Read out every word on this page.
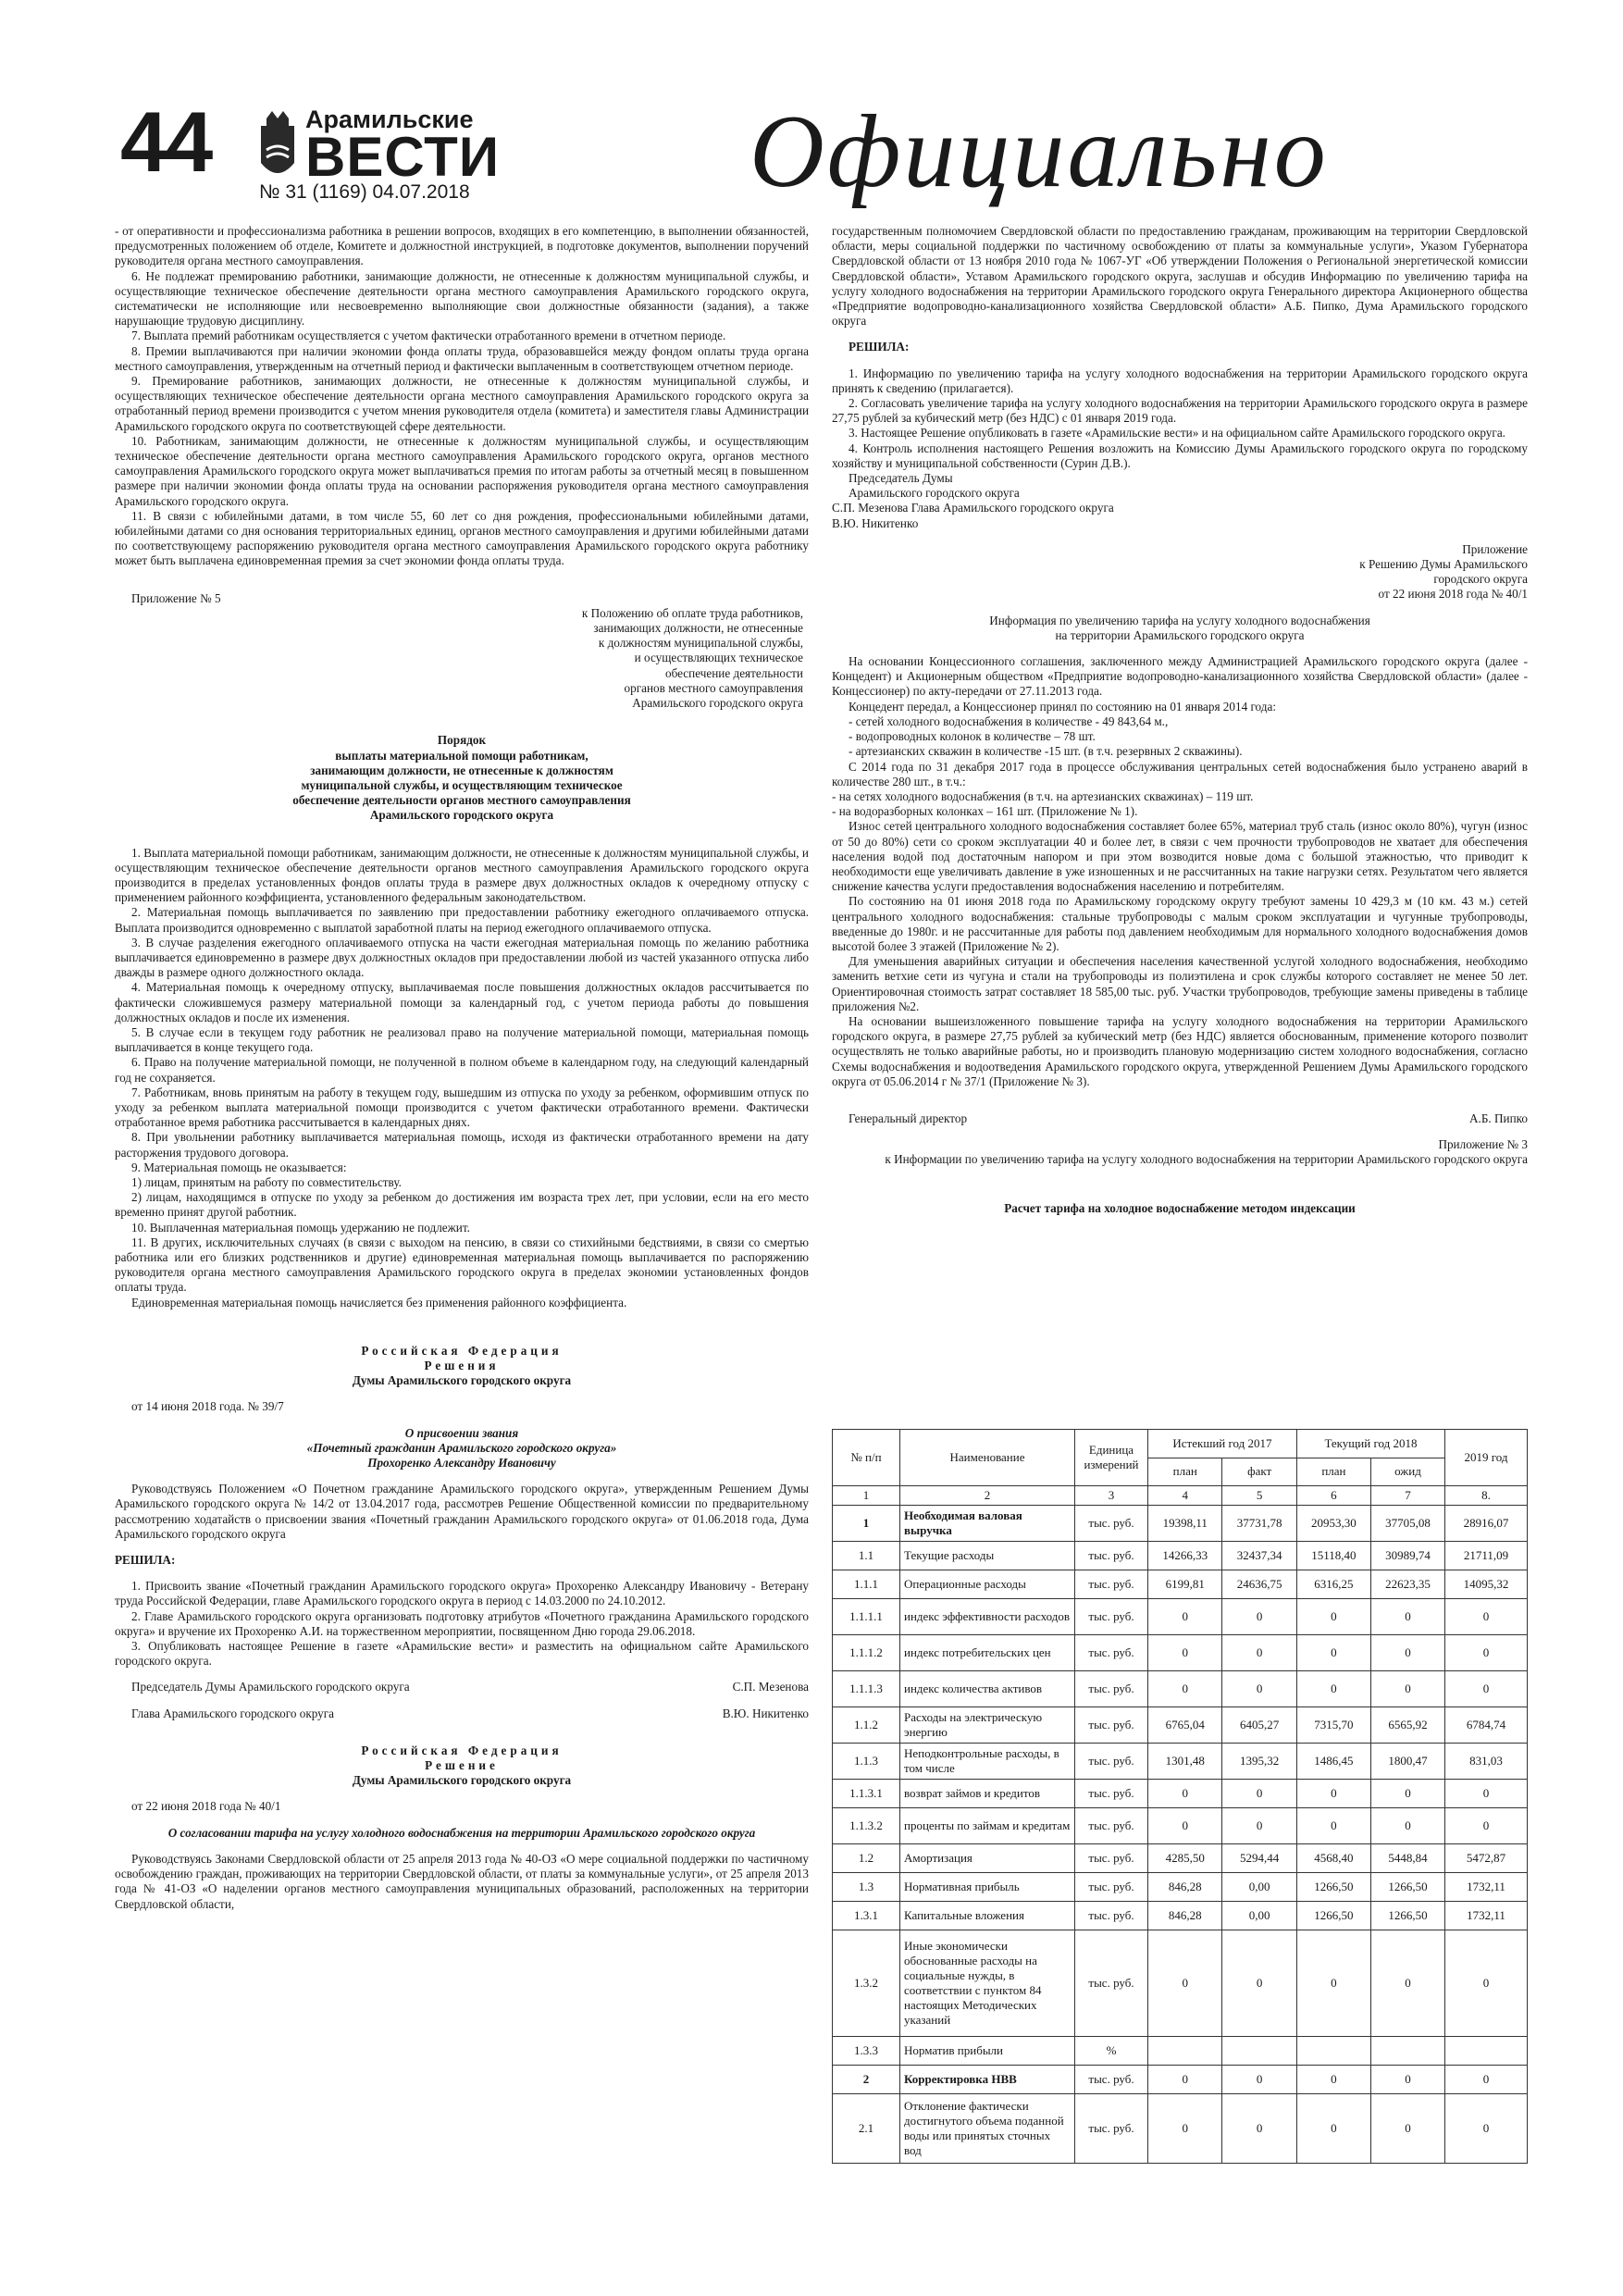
44	Арамильские
ВЕСТИ
№ 31 (1169) 04.07.2018	Официально

- от оперативности и профессионализма работника в решении вопросов, входящих в его компетенцию, в выполнении обязанностей, предусмотренных положением об отделе, Комитете и должностной инструкцией, в подготовке документов, выполнении поручений руководителя органа местного самоуправления.

6. Не подлежат премированию работники, занимающие должности, не отнесенные к должностям муниципальной службы, и осуществляющие техническое обеспечение деятельности органа местного самоуправления Арамильского городского округа, систематически не исполняющие или несвоевременно выполняющие свои должностные обязанности (задания), а также нарушающие трудовую дисциплину.

7. Выплата премий работникам осуществляется с учетом фактически отработанного времени в отчетном периоде.

8. Премии выплачиваются при наличии экономии фонда оплаты труда, образовавшейся между фондом оплаты труда органа местного самоуправления, утвержденным на отчетный период и фактически выплаченным в соответствующем отчетном периоде.

9. Премирование работников, занимающих должности, не отнесенные к должностям муниципальной службы, и осуществляющих техническое обеспечение деятельности органа местного самоуправления Арамильского городского округа за отработанный период времени производится с учетом мнения руководителя отдела (комитета) и заместителя главы Администрации Арамильского городского округа по соответствующей сфере деятельности.

10. Работникам, занимающим должности, не отнесенные к должностям муниципальной службы, и осуществляющим техническое обеспечение деятельности органа местного самоуправления Арамильского городского округа, органов местного самоуправления Арамильского городского округа может выплачиваться премия по итогам работы за отчетный месяц в повышенном размере при наличии экономии фонда оплаты труда на основании распоряжения руководителя органа местного самоуправления Арамильского городского округа.

11. В связи с юбилейными датами, в том числе 55, 60 лет со дня рождения, профессиональными юбилейными датами, юбилейными датами со дня основания территориальных единиц, органов местного самоуправления и другими юбилейными датами по соответствующему распоряжению руководителя органа местного самоуправления Арамильского городского округа работнику может быть выплачена единовременная премия за счет экономии фонда оплаты труда.

Приложение № 5

к Положению об оплате труда работников,

занимающих должности, не отнесенные

к должностям муниципальной службы,

и осуществляющих техническое

обеспечение деятельности

органов местного самоуправления

Арамильского городского округа

Порядок

выплаты материальной помощи работникам,

занимающим должности, не отнесенные к должностям

муниципальной службы, и осуществляющим техническое

обеспечение деятельности органов местного самоуправления

Арамильского городского округа

1. Выплата материальной помощи работникам, занимающим должности, не отнесенные к должностям муниципальной службы, и осуществляющим техническое обеспечение деятельности органов местного самоуправления Арамильского городского округа производится в пределах установленных фондов оплаты труда в размере двух должностных окладов к очередному отпуску с применением районного коэффициента, установленного федеральным законодательством.

2. Материальная помощь выплачивается по заявлению при предоставлении работнику ежегодного оплачиваемого отпуска. Выплата производится одновременно с выплатой заработной платы на период ежегодного оплачиваемого отпуска.

3. В случае разделения ежегодного оплачиваемого отпуска на части ежегодная материальная помощь по желанию работника выплачивается единовременно в размере двух должностных окладов при предоставлении любой из частей указанного отпуска либо дважды в размере одного должностного оклада.

4. Материальная помощь к очередному отпуску, выплачиваемая после повышения должностных окладов рассчитывается по фактически сложившемуся размеру материальной помощи за календарный год, с учетом периода работы до повышения должностных окладов и после их изменения.

5. В случае если в текущем году работник не реализовал право на получение материальной помощи, материальная помощь выплачивается в конце текущего года.

6. Право на получение материальной помощи, не полученной в полном объеме в календарном году, на следующий календарный год не сохраняется.

7. Работникам, вновь принятым на работу в текущем году, вышедшим из отпуска по уходу за ребенком, оформившим отпуск по уходу за ребенком выплата материальной помощи производится с учетом фактически отработанного времени. Фактически отработанное время работника рассчитывается в календарных днях.

8. При увольнении работнику выплачивается материальная помощь, исходя из фактически отработанного времени на дату расторжения трудового договора.

9. Материальная помощь не оказывается:

1) лицам, принятым на работу по совместительству.

2) лицам, находящимся в отпуске по уходу за ребенком до достижения им возраста трех лет, при условии, если на его место временно принят другой работник.

10. Выплаченная материальная помощь удержанию не подлежит.

11. В других, исключительных случаях (в связи с выходом на пенсию, в связи со стихийными бедствиями, в связи со смертью работника или его близких родственников и другие) единовременная материальная помощь выплачивается по распоряжению руководителя органа местного самоуправления Арамильского городского округа в пределах экономии установленных фондов оплаты труда.

Единовременная материальная помощь начисляется без применения районного коэффициента.

Российская Федерация

Решения

Думы Арамильского городского округа

от 14 июня 2018 года. № 39/7

О присвоении звания

«Почетный гражданин Арамильского городского округа»

Прохоренко Александру Ивановичу

Руководствуясь Положением «О Почетном гражданине Арамильского городского округа», утвержденным Решением Думы Арамильского городского округа № 14/2 от 13.04.2017 года, рассмотрев Решение Общественной комиссии по предварительному рассмотрению ходатайств о присвоении звания «Почетный гражданин Арамильского городского округа» от 01.06.2018 года, Дума Арамильского городского округа

РЕШИЛА:

1. Присвоить звание «Почетный гражданин Арамильского городского округа» Прохоренко Александру Ивановичу - Ветерану труда Российской Федерации, главе Арамильского городского округа в период с 14.03.2000 по 24.10.2012.

2. Главе Арамильского городского округа организовать подготовку атрибутов «Почетного гражданина Арамильского городского округа» и вручение их Прохоренко А.И. на торжественном мероприятии, посвященном Дню города 29.06.2018.

3. Опубликовать настоящее Решение в газете «Арамильские вести» и разместить на официальном сайте Арамильского городского округа.

Председатель Думы Арамильского городского округа	С.П. Мезенова
Глава Арамильского городского округа	В.Ю. Никитенко

Российская Федерация

Решение

Думы Арамильского городского округа

от 22 июня 2018 года № 40/1

О согласовании тарифа на услугу холодного водоснабжения на территории Арамильского городского округа

Руководствуясь Законами Свердловской области от 25 апреля 2013 года № 40-ОЗ «О мере социальной поддержки по частичному освобождению граждан, проживающих на территории Свердловской области, от платы за коммунальные услуги», от 25 апреля 2013 года № 41-ОЗ «О наделении органов местного самоуправления муниципальных образований, расположенных на территории Свердловской области,

государственным полномочием Свердловской области по предоставлению гражданам, проживающим на территории Свердловской области, меры социальной поддержки по частичному освобождению от платы за коммунальные услуги», Указом Губернатора Свердловской области от 13 ноября 2010 года № 1067-УГ «Об утверждении Положения о Региональной энергетической комиссии Свердловской области», Уставом Арамильского городского округа, заслушав и обсудив Информацию по увеличению тарифа на услугу холодного водоснабжения на территории Арамильского городского округа Генерального директора Акционерного общества «Предприятие водопроводно-канализационного хозяйства Свердловской области» А.Б. Пипко, Дума Арамильского городского округа

РЕШИЛА:

1. Информацию по увеличению тарифа на услугу холодного водоснабжения на территории Арамильского городского округа принять к сведению (прилагается).

2. Согласовать увеличение тарифа на услугу холодного водоснабжения на территории Арамильского городского округа в размере 27,75 рублей за кубический метр (без НДС) с 01 января 2019 года.

3. Настоящее Решение опубликовать в газете «Арамильские вести» и на официальном сайте Арамильского городского округа.

4. Контроль исполнения настоящего Решения возложить на Комиссию Думы Арамильского городского округа по городскому хозяйству и муниципальной собственности (Сурин Д.В.).

Председатель Думы

Арамильского городского округа

С.П. Мезенова Глава Арамильского городского округа

В.Ю. Никитенко

Приложение

к Решению Думы Арамильского

городского округа

от 22 июня 2018 года № 40/1

Информация по увеличению тарифа на услугу холодного водоснабжения

на территории Арамильского городского округа

На основании Концессионного соглашения, заключенного между Администрацией Арамильского городского округа (далее - Концедент) и Акционерным обществом «Предприятие водопроводно-канализационного хозяйства Свердловской области» (далее - Концессионер) по акту-передачи от 27.11.2013 года.

Концедент передал, а Концессионер принял по состоянию на 01 января 2014 года:

- сетей холодного водоснабжения в количестве - 49 843,64 м.,

- водопроводных колонок в количестве – 78 шт.

- артезианских скважин в количестве -15 шт. (в т.ч. резервных 2 скважины).

С 2014 года по 31 декабря 2017 года в процессе обслуживания центральных сетей водоснабжения было устранено аварий в количестве 280 шт., в т.ч.:

- на сетях холодного водоснабжения (в т.ч. на артезианских скважинах) – 119 шт.

- на водоразборных колонках – 161 шт. (Приложение № 1).

Износ сетей центрального холодного водоснабжения составляет более 65%, материал труб сталь (износ около 80%), чугун (износ от 50 до 80%) сети со сроком эксплуатации 40 и более лет, в связи с чем прочности трубопроводов не хватает для обеспечения населения водой под достаточным напором и при этом возводится новые дома с большой этажностью, что приводит к необходимости еще увеличивать давление в уже изношенных и не рассчитанных на такие нагрузки сетях. Результатом чего является снижение качества услуги предоставления водоснабжения населению и потребителям.

По состоянию на 01 июня 2018 года по Арамильскому городскому округу требуют замены 10 429,3 м (10 км. 43 м.) сетей центрального холодного водоснабжения: стальные трубопроводы с малым сроком эксплуатации и чугунные трубопроводы, введенные до 1980г. и не рассчитанные для работы под давлением необходимым для нормального холодного водоснабжения домов высотой более 3 этажей (Приложение № 2).

Для уменьшения аварийных ситуации и обеспечения населения качественной услугой холодного водоснабжения, необходимо заменить ветхие сети из чугуна и стали на трубопроводы из полиэтилена и срок службы которого составляет не менее 50 лет. Ориентировочная стоимость затрат составляет 18 585,00 тыс. руб. Участки трубопроводов, требующие замены приведены в таблице приложения №2.

На основании вышеизложенного повышение тарифа на услугу холодного водоснабжения на территории Арамильского городского округа, в размере 27,75 рублей за кубический метр (без НДС) является обоснованным, применение которого позволит осуществлять не только аварийные работы, но и производить плановую модернизацию систем холодного водоснабжения, согласно Схемы водоснабжения и водоотведения Арамильского городского округа, утвержденной Решением Думы Арамильского городского округа от 05.06.2014 г № 37/1 (Приложение № 3).

Генеральный директор	А.Б. Пипко

Приложение № 3

к Информации по увеличению тарифа на услугу холодного водоснабжения на территории Арамильского городского округа

Расчет тарифа на холодное водоснабжение методом индексации

№ п/п	Наименование	Единица измерений	Истекший год 2017		Текущий год 2018		2019 год
			план	факт	план	ожид	
1	2	3	4	5	6	7	8.
1	Необходимая валовая выручка	тыс. руб.	19398,11	37731,78	20953,30	37705,08	28916,07
1.1	Текущие расходы	тыс. руб.	14266,33	32437,34	15118,40	30989,74	21711,09
1.1.1	Операционные расходы	тыс. руб.	6199,81	24636,75	6316,25	22623,35	14095,32
1.1.1.1	индекс эффективности расходов	тыс. руб.	0	0	0	0	0
1.1.1.2	индекс потребительских цен	тыс. руб.	0	0	0	0	0
1.1.1.3	индекс количества активов	тыс. руб.	0	0	0	0	0
1.1.2	Расходы на электрическую энергию	тыс. руб.	6765,04	6405,27	7315,70	6565,92	6784,74
1.1.3	Неподконтрольные расходы, в том числе	тыс. руб.	1301,48	1395,32	1486,45	1800,47	831,03
1.1.3.1	возврат займов и кредитов	тыс. руб.	0	0	0	0	0
1.1.3.2	проценты по займам и кредитам	тыс. руб.	0	0	0	0	0
1.2	Амортизация	тыс. руб.	4285,50	5294,44	4568,40	5448,84	5472,87
1.3	Нормативная прибыль	тыс. руб.	846,28	0,00	1266,50	1266,50	1732,11
1.3.1	Капитальные вложения	тыс. руб.	846,28	0,00	1266,50	1266,50	1732,11
1.3.2	Иные экономически обоснованные расходы на социальные нужды, в соответствии с пунктом 84 настоящих Методических указаний	тыс. руб.	0	0	0	0	0
1.3.3	Норматив прибыли	%					
2	Корректировка НВВ	тыс. руб.	0	0	0	0	0
2.1	Отклонение фактически достигнутого объема поданной воды или принятых сточных вод	тыс. руб.	0	0	0	0	0
